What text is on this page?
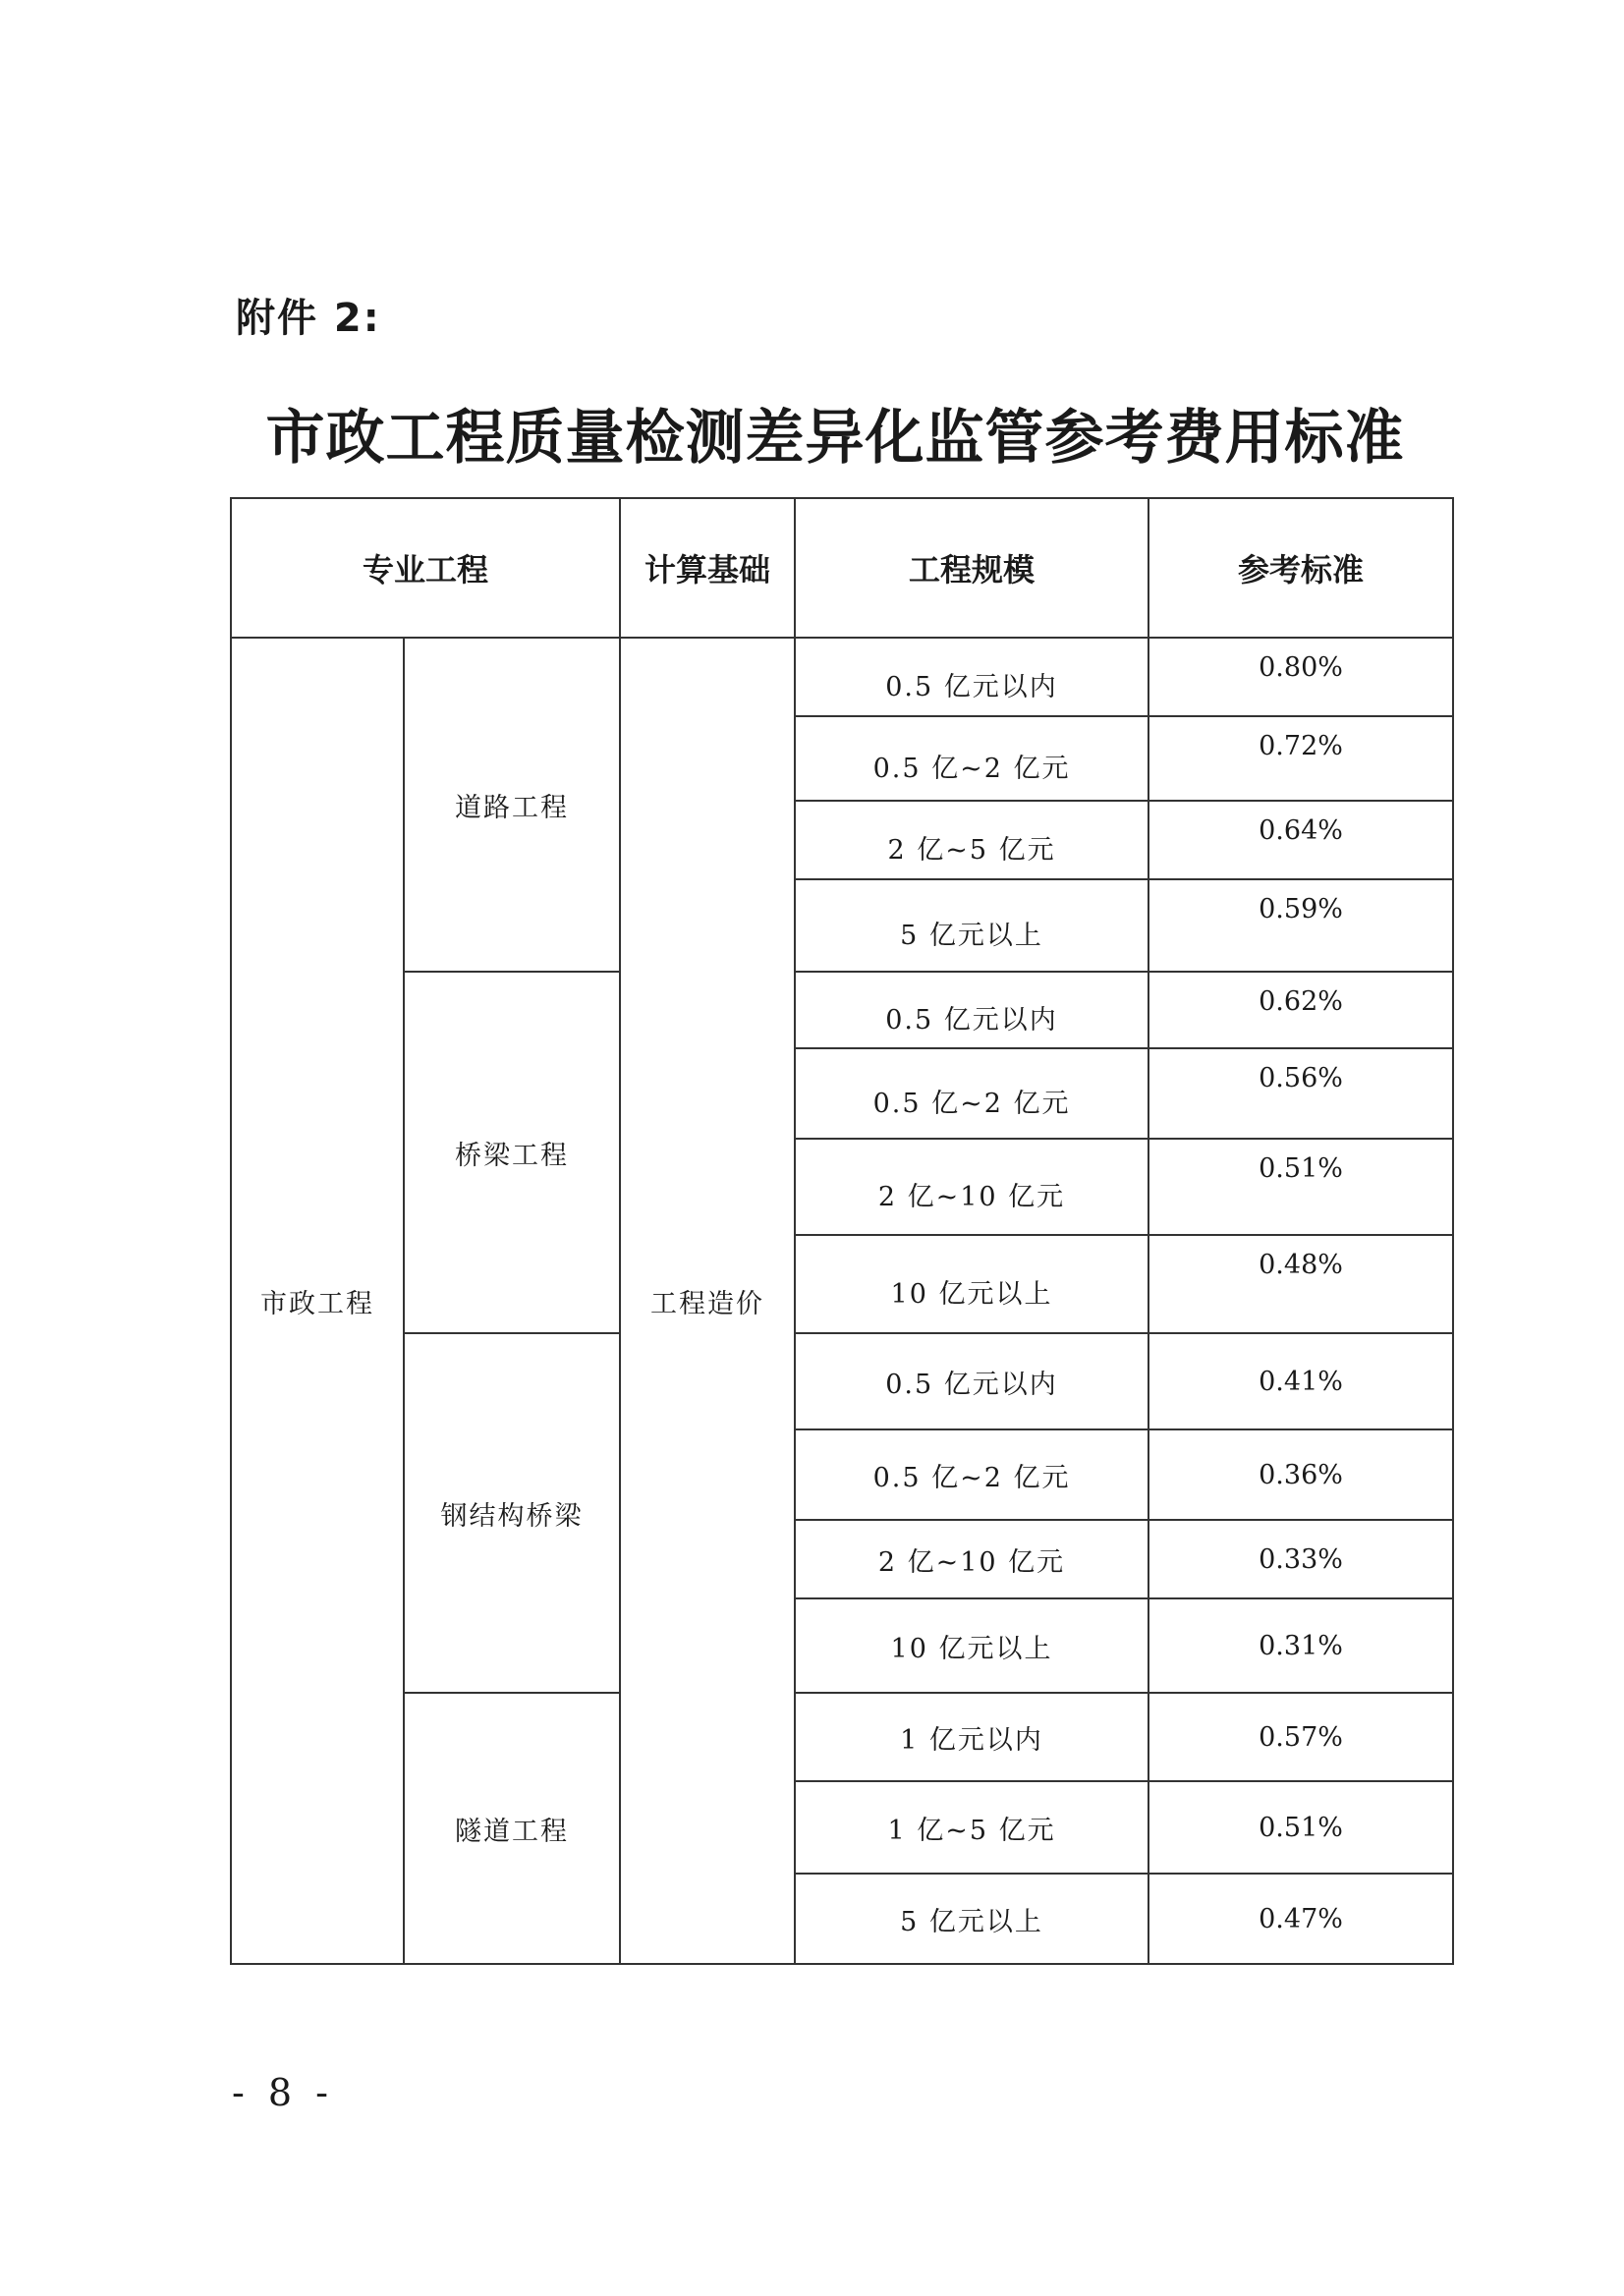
附件 2:
市政工程质量检测差异化监管参考费用标准
专业工程		计算基础	工程规模	参考标准
市政工程	道路工程	工程造价	0.5 亿元以内	0.80%
			0.5 亿~2 亿元	0.72%
			2 亿~5 亿元	0.64%
			5 亿元以上	0.59%
	桥梁工程		0.5 亿元以内	0.62%
			0.5 亿~2 亿元	0.56%
			2 亿~10 亿元	0.51%
			10 亿元以上	0.48%
	钢结构桥梁		0.5 亿元以内	0.41%
			0.5 亿~2 亿元	0.36%
			2 亿~10 亿元	0.33%
			10 亿元以上	0.31%
	隧道工程		1 亿元以内	0.57%
			1 亿~5 亿元	0.51%
			5 亿元以上	0.47%
- 8 -
